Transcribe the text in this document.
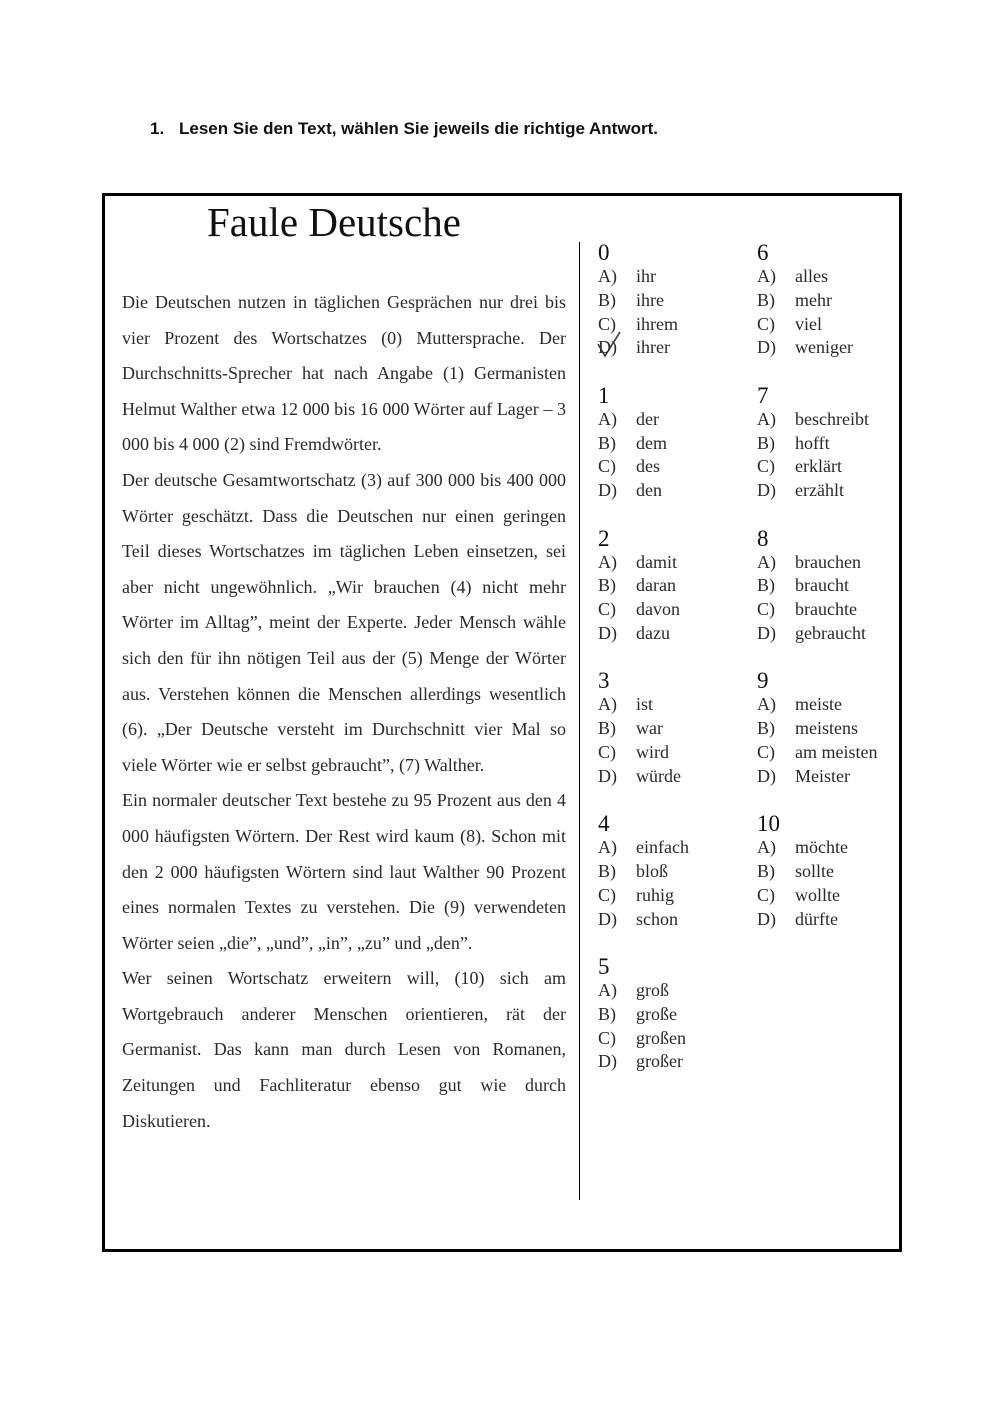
1. Lesen Sie den Text, wählen Sie jeweils die richtige Antwort.
Faule Deutsche

Die Deutschen nutzen in täglichen Gesprächen nur drei bis vier Prozent des Wortschatzes (0) Muttersprache. Der Durchschnitts-Sprecher hat nach Angabe (1) Germanisten Helmut Walther etwa 12 000 bis 16 000 Wörter auf Lager – 3 000 bis 4 000 (2) sind Fremdwörter.

Der deutsche Gesamtwortschatz (3) auf 300 000 bis 400 000 Wörter geschätzt. Dass die Deutschen nur einen geringen Teil dieses Wortschatzes im täglichen Leben einsetzen, sei aber nicht ungewöhnlich. „Wir brauchen (4) nicht mehr Wörter im Alltag”, meint der Experte. Jeder Mensch wähle sich den für ihn nötigen Teil aus der (5) Menge der Wörter aus. Verstehen können die Menschen allerdings wesentlich (6). „Der Deutsche versteht im Durchschnitt vier Mal so viele Wörter wie er selbst gebraucht”, (7) Walther.

Ein normaler deutscher Text bestehe zu 95 Prozent aus den 4 000 häufigsten Wörtern. Der Rest wird kaum (8). Schon mit den 2 000 häufigsten Wörtern sind laut Walther 90 Prozent eines normalen Textes zu verstehen. Die (9) verwendeten Wörter seien „die”, „und”, „in”, „zu” und „den”.

Wer seinen Wortschatz erweitern will, (10) sich am Wortgebrauch anderer Menschen orientieren, rät der Germanist. Das kann man durch Lesen von Romanen, Zeitungen und Fachliteratur ebenso gut wie durch Diskutieren.

0
A) ihr
B) ihre
C) ihrem
D) ihrer
1
A) der
B) dem
C) des
D) den
2
A) damit
B) daran
C) davon
D) dazu
3
A) ist
B) war
C) wird
D) würde
4
A) einfach
B) bloß
C) ruhig
D) schon
5
A) groß
B) große
C) großen
D) großer
6
A) alles
B) mehr
C) viel
D) weniger
7
A) beschreibt
B) hofft
C) erklärt
D) erzählt
8
A) brauchen
B) braucht
C) brauchte
D) gebraucht
9
A) meiste
B) meistens
C) am meisten
D) Meister
10
A) möchte
B) sollte
C) wollte
D) dürfte
